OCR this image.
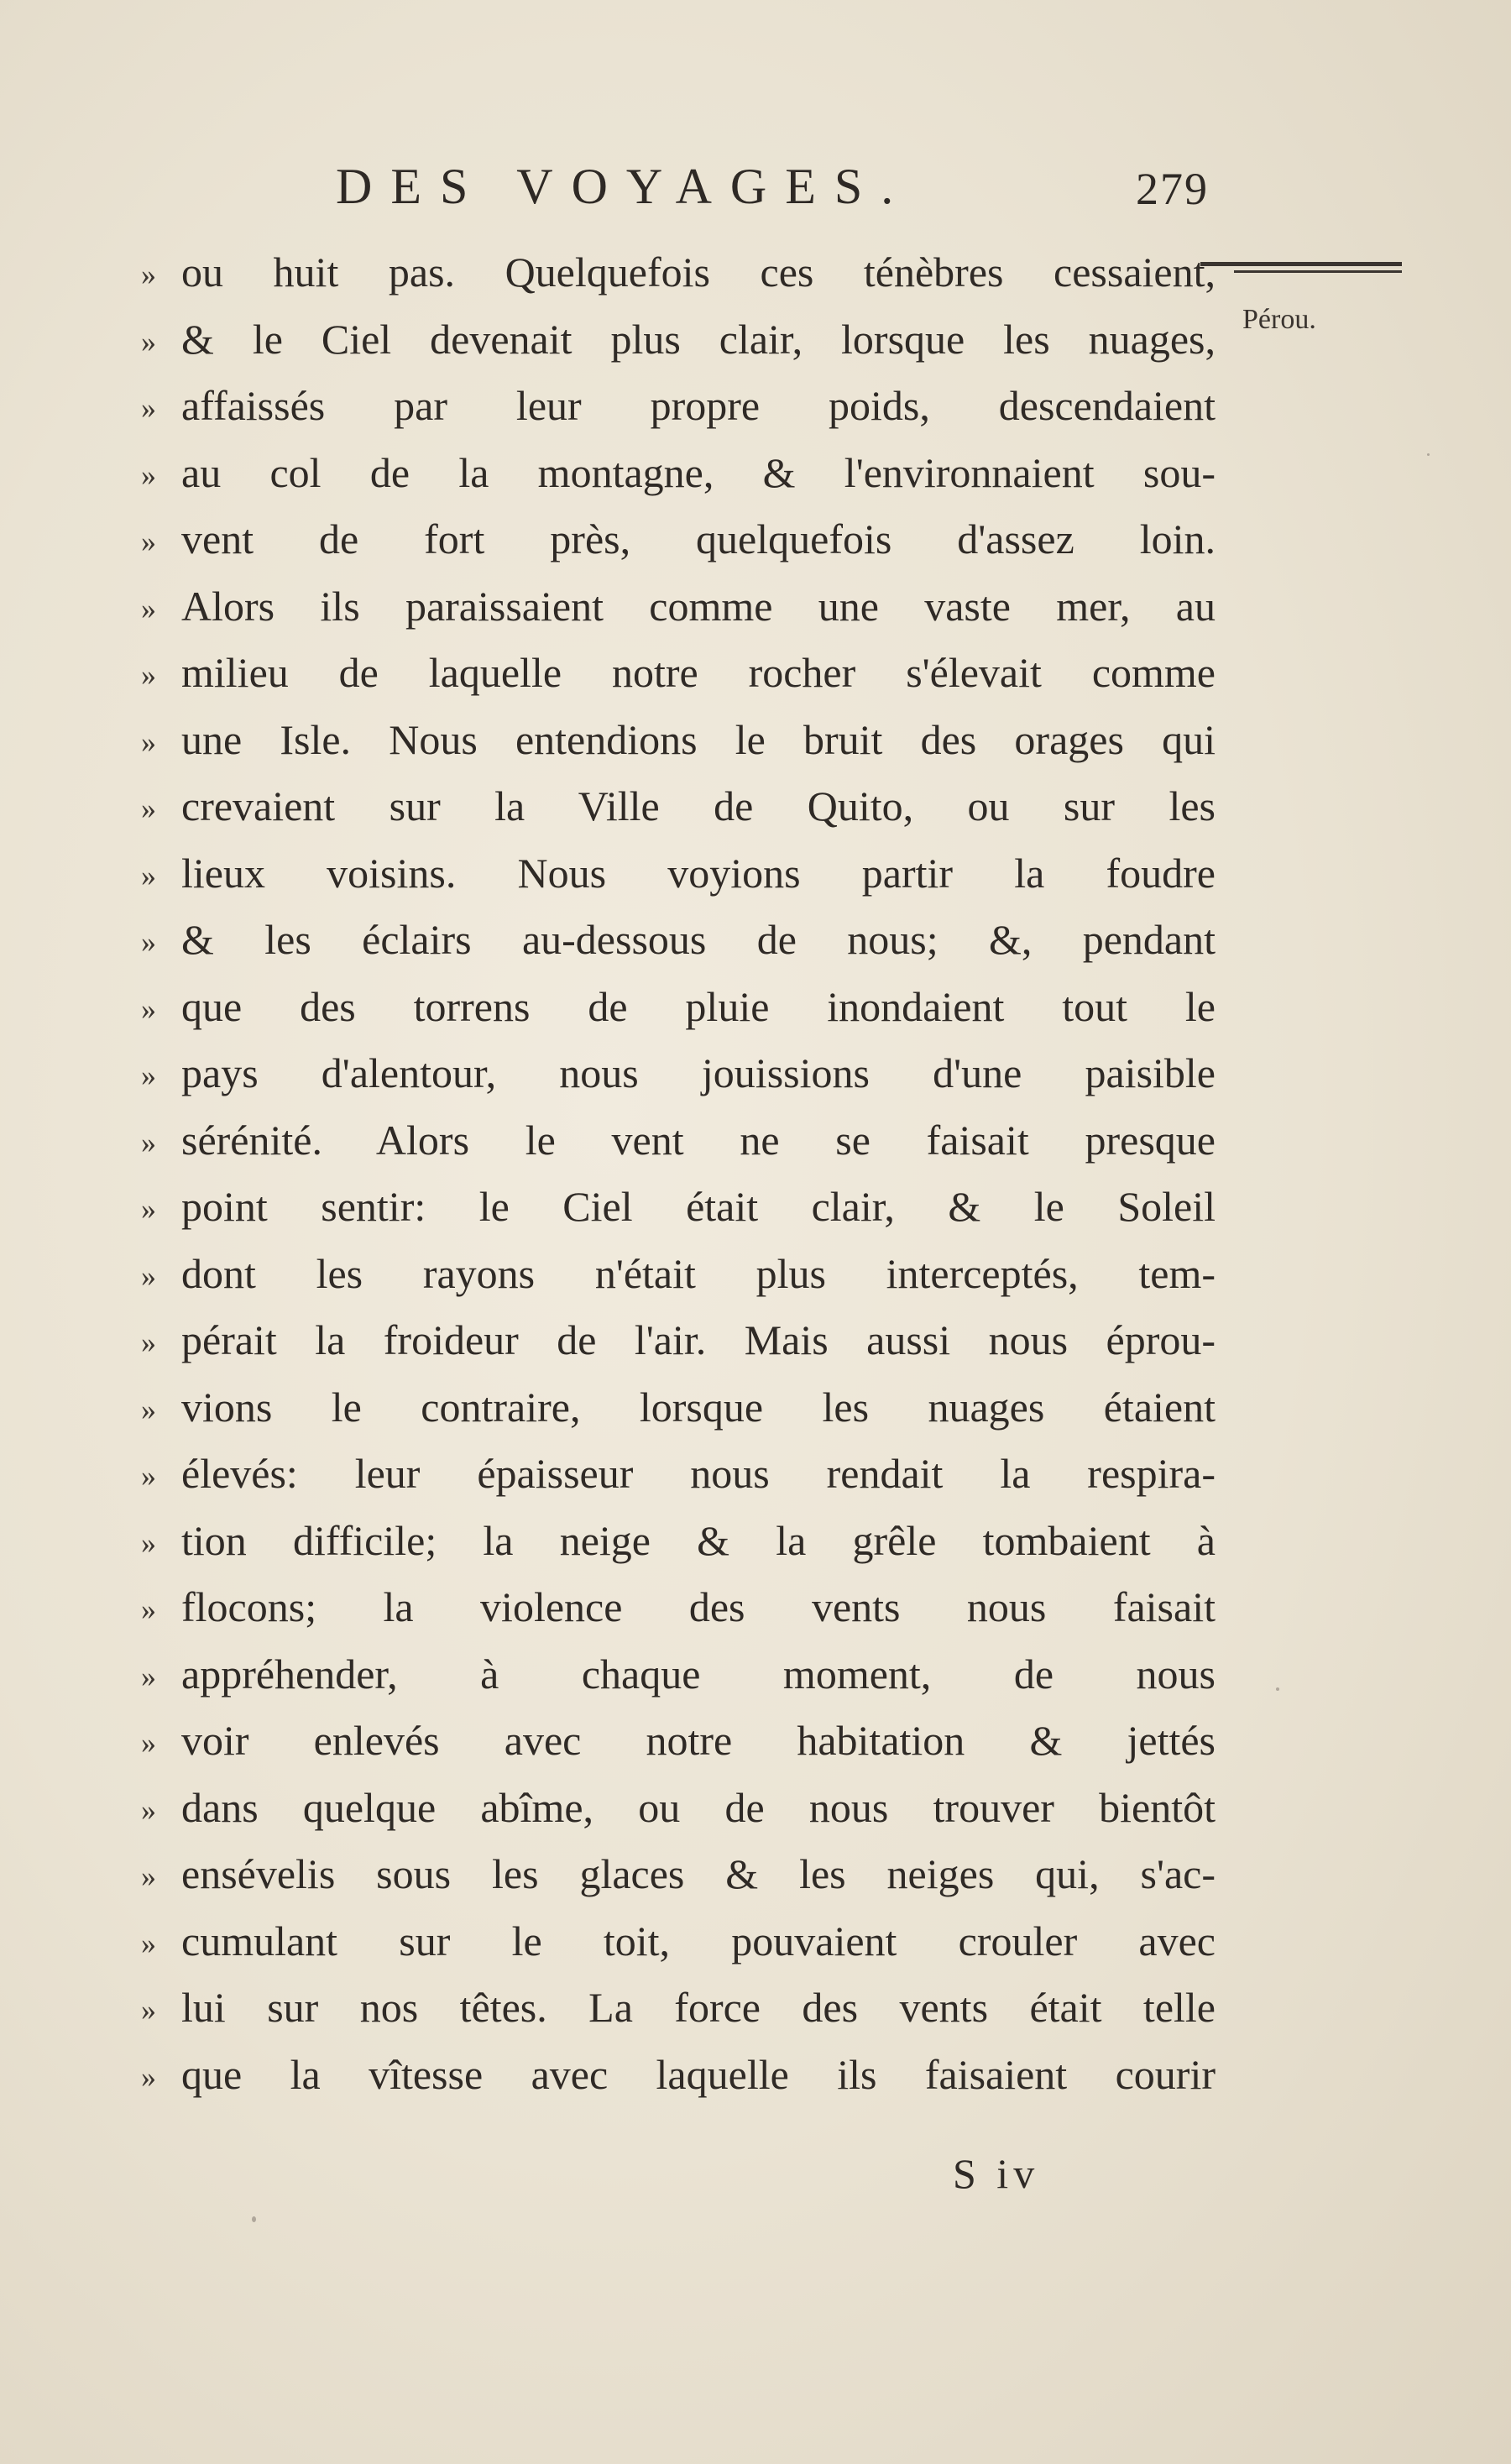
DES VOYAGES.	279
Pérou.
» ou huit pas. Quelquefois ces ténèbres cessaient,
» & le Ciel devenait plus clair, lorsque les nuages,
» affaissés par leur propre poids, descendaient
» au col de la montagne, & l'environnaient sou-
» vent de fort près, quelquefois d'assez loin.
» Alors ils paraissaient comme une vaste mer, au
» milieu de laquelle notre rocher s'élevait comme
» une Isle. Nous entendions le bruit des orages qui
» crevaient sur la Ville de Quito, ou sur les
» lieux voisins. Nous voyions partir la foudre
» & les éclairs au-dessous de nous; &, pendant
» que des torrens de pluie inondaient tout le
» pays d'alentour, nous jouissions d'une paisible
» sérénité. Alors le vent ne se faisait presque
» point sentir: le Ciel était clair, & le Soleil
» dont les rayons n'était plus interceptés, tem-
» pérait la froideur de l'air. Mais aussi nous éprou-
» vions le contraire, lorsque les nuages étaient
» élevés: leur épaisseur nous rendait la respira-
» tion difficile; la neige & la grêle tombaient à
» flocons; la violence des vents nous faisait
» appréhender, à chaque moment, de nous
» voir enlevés avec notre habitation & jettés
» dans quelque abîme, ou de nous trouver bientôt
» ensévelis sous les glaces & les neiges qui, s'ac-
» cumulant sur le toit, pouvaient crouler avec
» lui sur nos têtes. La force des vents était telle
» que la vîtesse avec laquelle ils faisaient courir
S iv
